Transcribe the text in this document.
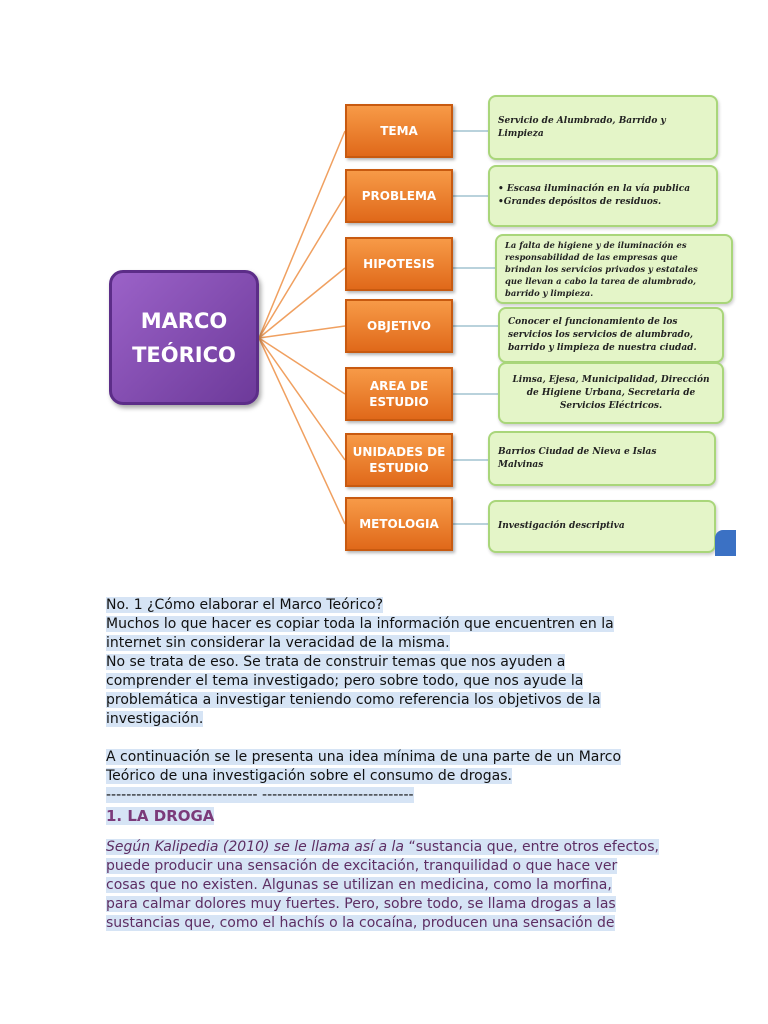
MARCO
TEÓRICO
TEMA
PROBLEMA
HIPOTESIS
OBJETIVO
AREA DE
ESTUDIO
UNIDADES DE
ESTUDIO
METOLOGIA
Servicio de Alumbrado, Barrido y
Limpieza
• Escasa iluminación en la vía publica
•Grandes depósitos de residuos.
La falta de higiene y de iluminación es
responsabilidad de las empresas que
brindan los servicios privados y estatales
que llevan a cabo la tarea de alumbrado,
barrido y limpieza.
Conocer el funcionamiento de los
servicios los servicios de alumbrado,
barrido y limpieza de nuestra ciudad.
Limsa, Ejesa, Municipalidad, Dirección
de Higiene Urbana, Secretaria de
Servicios Eléctricos.
Barrios Ciudad de Nieva e Islas
Malvinas
Investigación descriptiva
No. 1 ¿Cómo elaborar el Marco Teórico?
Muchos lo que hacer es copiar toda la información que encuentren en la
internet sin considerar la veracidad de la misma.
No se trata de eso. Se trata de construir temas que nos ayuden a
comprender el tema investigado; pero sobre todo, que nos ayude la
problemática a investigar teniendo como referencia los objetivos de la
investigación.
A continuación se le presenta una idea mínima de una parte de un Marco
Teórico de una investigación sobre el consumo de drogas.
------------------------------ ------------------------------
1. LA DROGA
Según Kalipedia (2010) se le llama así a la “sustancia que, entre otros efectos,
puede producir una sensación de excitación, tranquilidad o que hace ver
cosas que no existen. Algunas se utilizan en medicina, como la morfina,
para calmar dolores muy fuertes. Pero, sobre todo, se llama drogas a las
sustancias que, como el hachís o la cocaína, producen una sensación de
